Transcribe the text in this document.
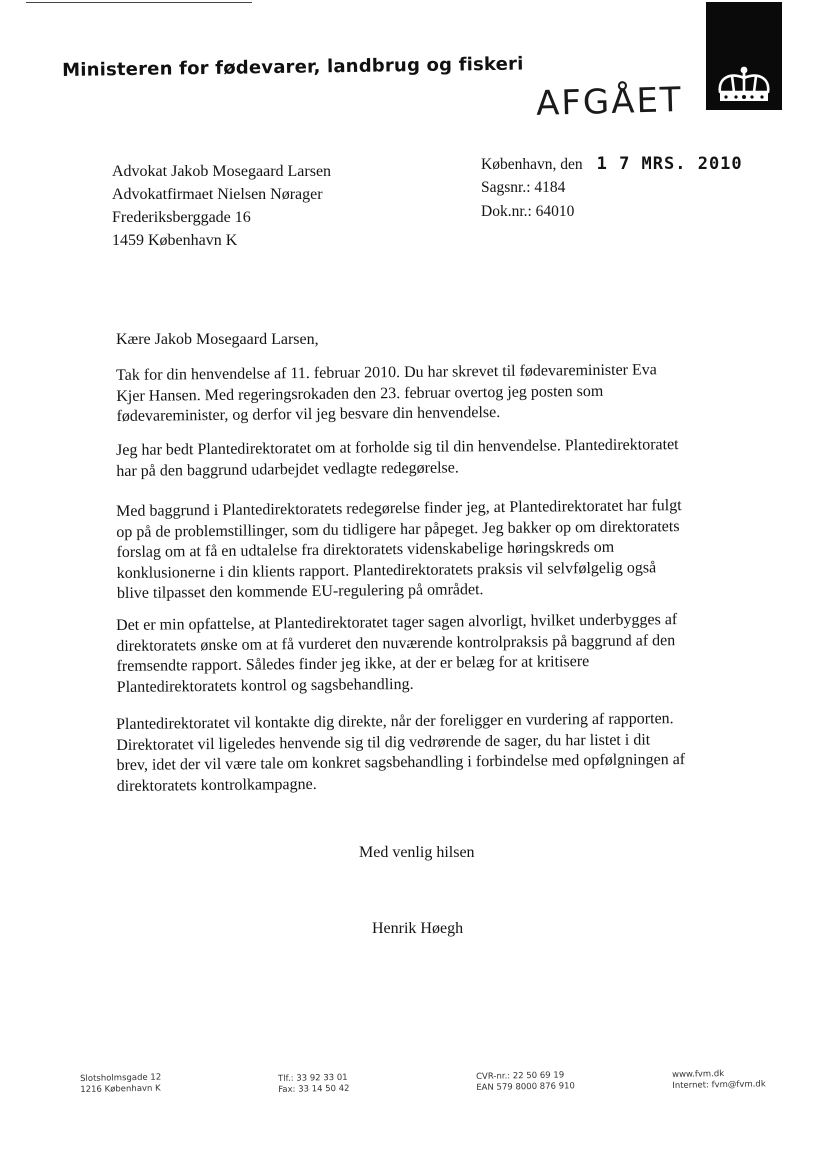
Ministeren for fødevarer, landbrug og fiskeri
AFGÅET
Advokat Jakob Mosegaard Larsen
Advokatfirmaet Nielsen Nørager
Frederiksberggade 16
1459 København K
København, den 1 7 MRS. 2010
Sagsnr.: 4184
Dok.nr.: 64010
Kære Jakob Mosegaard Larsen,
Tak for din henvendelse af 11. februar 2010. Du har skrevet til fødevareminister Eva
Kjer Hansen. Med regeringsrokaden den 23. februar overtog jeg posten som
fødevareminister, og derfor vil jeg besvare din henvendelse.
Jeg har bedt Plantedirektoratet om at forholde sig til din henvendelse. Plantedirektoratet
har på den baggrund udarbejdet vedlagte redegørelse.
Med baggrund i Plantedirektoratets redegørelse finder jeg, at Plantedirektoratet har fulgt
op på de problemstillinger, som du tidligere har påpeget. Jeg bakker op om direktoratets
forslag om at få en udtalelse fra direktoratets videnskabelige høringskreds om
konklusionerne i din klients rapport. Plantedirektoratets praksis vil selvfølgelig også
blive tilpasset den kommende EU-regulering på området.
Det er min opfattelse, at Plantedirektoratet tager sagen alvorligt, hvilket underbygges af
direktoratets ønske om at få vurderet den nuværende kontrolpraksis på baggrund af den
fremsendte rapport. Således finder jeg ikke, at der er belæg for at kritisere
Plantedirektoratets kontrol og sagsbehandling.
Plantedirektoratet vil kontakte dig direkte, når der foreligger en vurdering af rapporten.
Direktoratet vil ligeledes henvende sig til dig vedrørende de sager, du har listet i dit
brev, idet der vil være tale om konkret sagsbehandling i forbindelse med opfølgningen af
direktoratets kontrolkampagne.
Med venlig hilsen
Henrik Høegh
Slotsholmsgade 12
1216 København K
Tlf.: 33 92 33 01
Fax: 33 14 50 42
CVR-nr.: 22 50 69 19
EAN 579 8000 876 910
www.fvm.dk
Internet: fvm@fvm.dk
